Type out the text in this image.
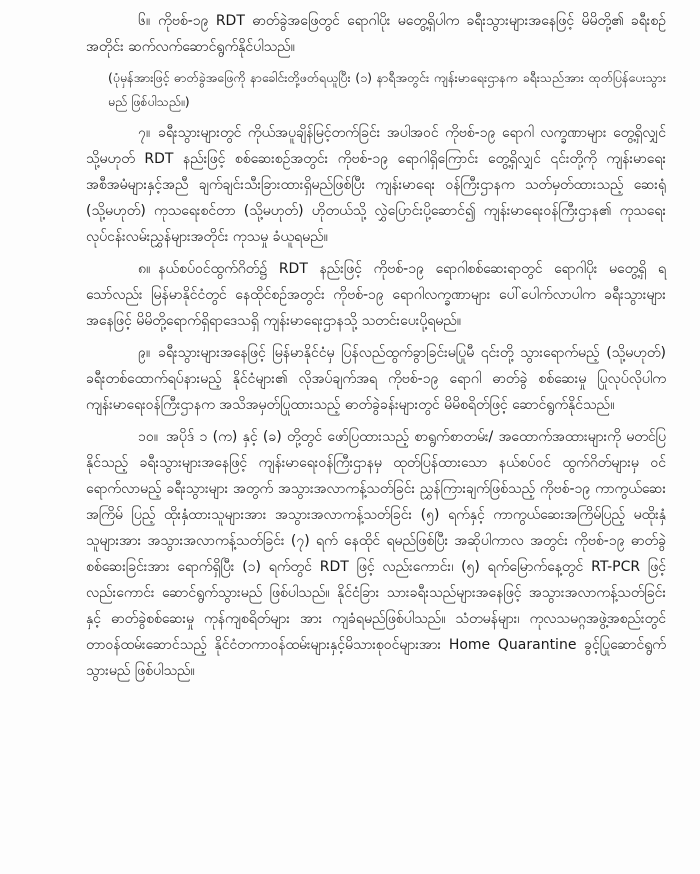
၆။ ကိုဗစ်-၁၉ RDT ဓာတ်ခွဲအဖြေတွင် ရောဂါပိုး မတွေ့ရှိပါက ခရီးသွားများအနေဖြင့် မိမိတို့၏ ခရီးစဉ်အတိုင်း ဆက်လက်ဆောင်ရွက်နိုင်ပါသည်။

(ပုံမှန်အားဖြင့် ဓာတ်ခွဲအဖြေကို နာခေါင်းတို့ဖတ်ရယူပြီး (၁) နာရီအတွင်း ကျန်းမာရေးဌာနက ခရီးသည်အား ထုတ်ပြန်ပေးသွားမည် ဖြစ်ပါသည်။)

၇။ ခရီးသွားများတွင် ကိုယ်အပူချိန်မြင့်တက်ခြင်း အပါအဝင် ကိုဗစ်-၁၉ ရောဂါ လက္ခဏာများ တွေ့ရှိလျှင် သို့မဟုတ် RDT နည်းဖြင့် စစ်ဆေးစဉ်အတွင်း ကိုဗစ်-၁၉ ရောဂါရှိကြောင်း တွေ့ရှိလျှင် ၎င်းတို့ကို ကျန်းမာရေးအစီအမံများနှင့်အညီ ချက်ချင်းသီးခြားထားရှိမည်ဖြစ်ပြီး ကျန်းမာရေး ဝန်ကြီးဌာနက သတ်မှတ်ထားသည့် ဆေးရုံ (သို့မဟုတ်) ကုသရေးစင်တာ (သို့မဟုတ်) ဟိုတယ်သို့ လွှဲပြောင်းပို့ဆောင်၍ ကျန်းမာရေးဝန်ကြီးဌာန၏ ကုသရေးလုပ်ငန်းလမ်းညွှန်များအတိုင်း ကုသမှု ခံယူရမည်။

၈။ နယ်စပ်ဝင်ထွက်ဂိတ်၌ RDT နည်းဖြင့် ကိုဗစ်-၁၉ ရောဂါစစ်ဆေးရာတွင် ရောဂါပိုး မတွေ့ရှိ ရသော်လည်း မြန်မာနိုင်ငံတွင် နေထိုင်စဉ်အတွင်း ကိုဗစ်-၁၉ ရောဂါလက္ခဏာများ ပေါ်ပေါက်လာပါက ခရီးသွားများအနေဖြင့် မိမိတို့ရောက်ရှိရာဒေသရှိ ကျန်းမာရေးဌာနသို့ သတင်းပေးပို့ရမည်။

၉။ ခရီးသွားများအနေဖြင့် မြန်မာနိုင်ငံမှ ပြန်လည်ထွက်ခွာခြင်းမပြုမီ ၎င်းတို့ သွားရောက်မည့် (သို့မဟုတ်) ခရီးတစ်ထောက်ရပ်နားမည့် နိုင်ငံများ၏ လိုအပ်ချက်အရ ကိုဗစ်-၁၉ ရောဂါ ဓာတ်ခွဲ စစ်ဆေးမှု ပြုလုပ်လိုပါက ကျန်းမာရေးဝန်ကြီးဌာနက အသိအမှတ်ပြုထားသည့် ဓာတ်ခွဲခန်းများတွင် မိမိစရိတ်ဖြင့် ဆောင်ရွက်နိုင်သည်။

၁၀။ အပိုဒ် ၁ (က) နှင့် (ခ) တို့တွင် ဖော်ပြထားသည့် စာရွက်စာတမ်း/ အထောက်အထားများကို မတင်ပြနိုင်သည့် ခရီးသွားများအနေဖြင့် ကျန်းမာရေးဝန်ကြီးဌာနမှ ထုတ်ပြန်ထားသော နယ်စပ်ဝင် ထွက်ဂိတ်များမှ ဝင်ရောက်လာမည့် ခရီးသွားများ အတွက် အသွားအလာကန့်သတ်ခြင်း ညွှန်ကြားချက်ဖြစ်သည့် ကိုဗစ်-၁၉ ကာကွယ်ဆေးအကြိမ် ပြည့် ထိုးနှံထားသူများအား အသွားအလာကန့်သတ်ခြင်း (၅) ရက်နှင့် ကာကွယ်ဆေးအကြိမ်ပြည့် မထိုးနှံသူများအား အသွားအလာကန့်သတ်ခြင်း (၇) ရက် နေထိုင် ရမည်ဖြစ်ပြီး အဆိုပါကာလ အတွင်း ကိုဗစ်-၁၉ ဓာတ်ခွဲစစ်ဆေးခြင်းအား ရောက်ရှိပြီး (၁) ရက်တွင် RDT ဖြင့် လည်းကောင်း၊ (၅) ရက်မြောက်နေ့တွင် RT-PCR ဖြင့်လည်းကောင်း ဆောင်ရွက်သွားမည် ဖြစ်ပါသည်။ နိုင်ငံခြား သားခရီးသည်များအနေဖြင့် အသွားအလာကန့်သတ်ခြင်းနှင့် ဓာတ်ခွဲစစ်ဆေးမှု ကုန်ကျစရိတ်များ အား ကျခံရမည်ဖြစ်ပါသည်။ သံတမန်များ၊ ကုလသမဂ္ဂအဖွဲ့အစည်းတွင် တာဝန်ထမ်းဆောင်သည့် နိုင်ငံတကာဝန်ထမ်းများနှင့်မိသားစုဝင်များအား Home Quarantine ခွင့်ပြုဆောင်ရွက်သွားမည် ဖြစ်ပါသည်။
